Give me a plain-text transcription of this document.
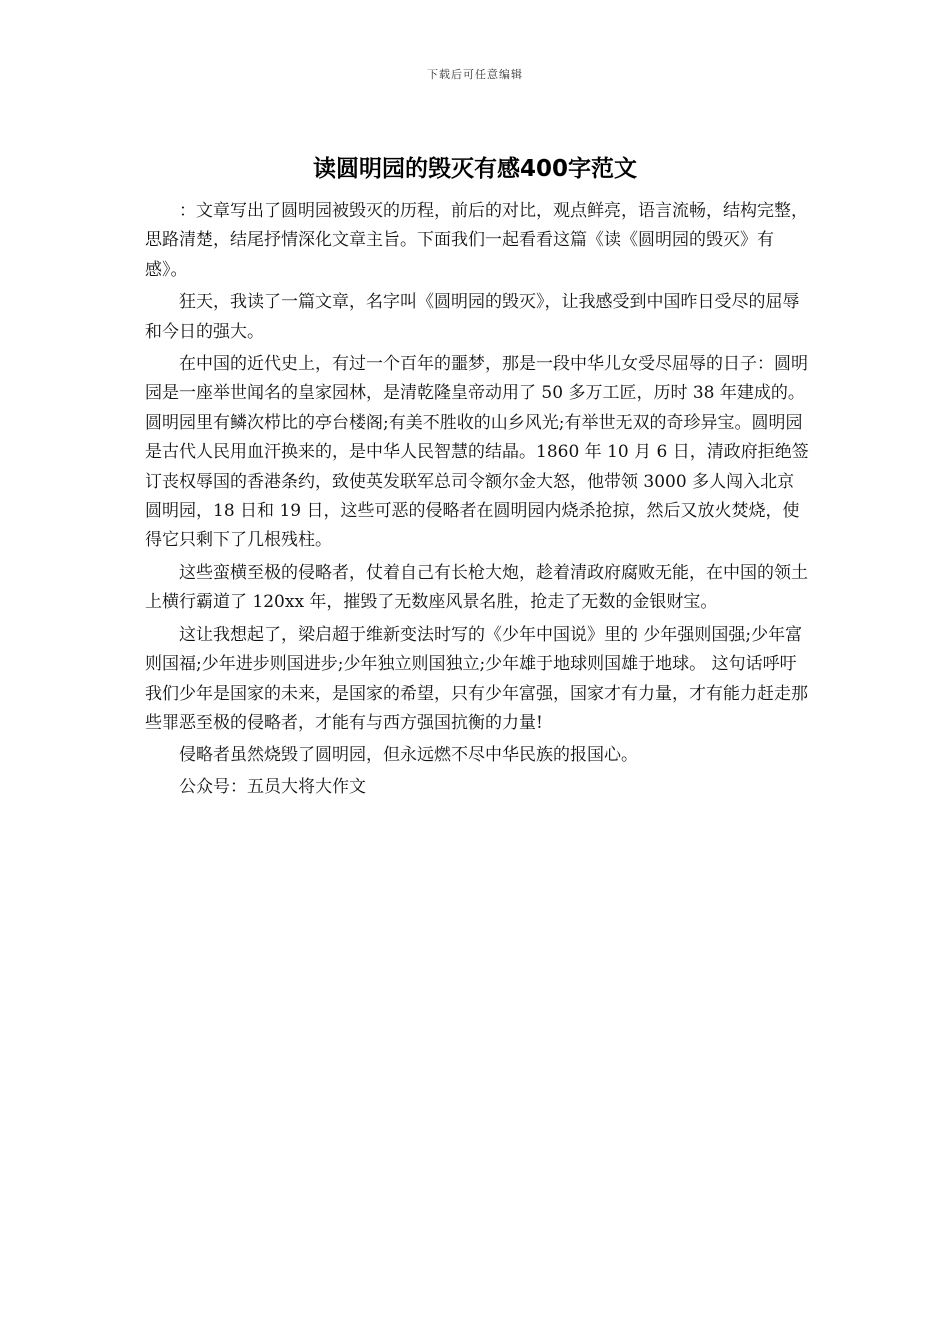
下载后可任意编辑
读圆明园的毁灭有感400字范文

：文章写出了圆明园被毁灭的历程，前后的对比，观点鲜亮，语言流畅，结构完整，思路清楚，结尾抒情深化文章主旨。下面我们一起看看这篇《读《圆明园的毁灭》有感》。

狂天，我读了一篇文章，名字叫《圆明园的毁灭》，让我感受到中国昨日受尽的屈辱和今日的强大。

在中国的近代史上，有过一个百年的噩梦，那是一段中华儿女受尽屈辱的日子：圆明园是一座举世闻名的皇家园林，是清乾隆皇帝动用了 50 多万工匠，历时 38 年建成的。圆明园里有鳞次栉比的亭台楼阁;有美不胜收的山乡风光;有举世无双的奇珍异宝。圆明园是古代人民用血汗换来的，是中华人民智慧的结晶。1860 年 10 月 6 日，清政府拒绝签订丧权辱国的香港条约，致使英发联军总司令额尔金大怒，他带领 3000 多人闯入北京圆明园，18 日和 19 日，这些可恶的侵略者在圆明园内烧杀抢掠，然后又放火焚烧，使得它只剩下了几根残柱。

这些蛮横至极的侵略者，仗着自己有长枪大炮，趁着清政府腐败无能，在中国的领土上横行霸道了 120xx 年，摧毁了无数座风景名胜，抢走了无数的金银财宝。

这让我想起了，梁启超于维新变法时写的《少年中国说》里的 少年强则国强;少年富则国福;少年进步则国进步;少年独立则国独立;少年雄于地球则国雄于地球。 这句话呼吁我们少年是国家的未来，是国家的希望，只有少年富强，国家才有力量，才有能力赶走那些罪恶至极的侵略者，才能有与西方强国抗衡的力量!

侵略者虽然烧毁了圆明园，但永远燃不尽中华民族的报国心。

公众号：五员大将大作文
